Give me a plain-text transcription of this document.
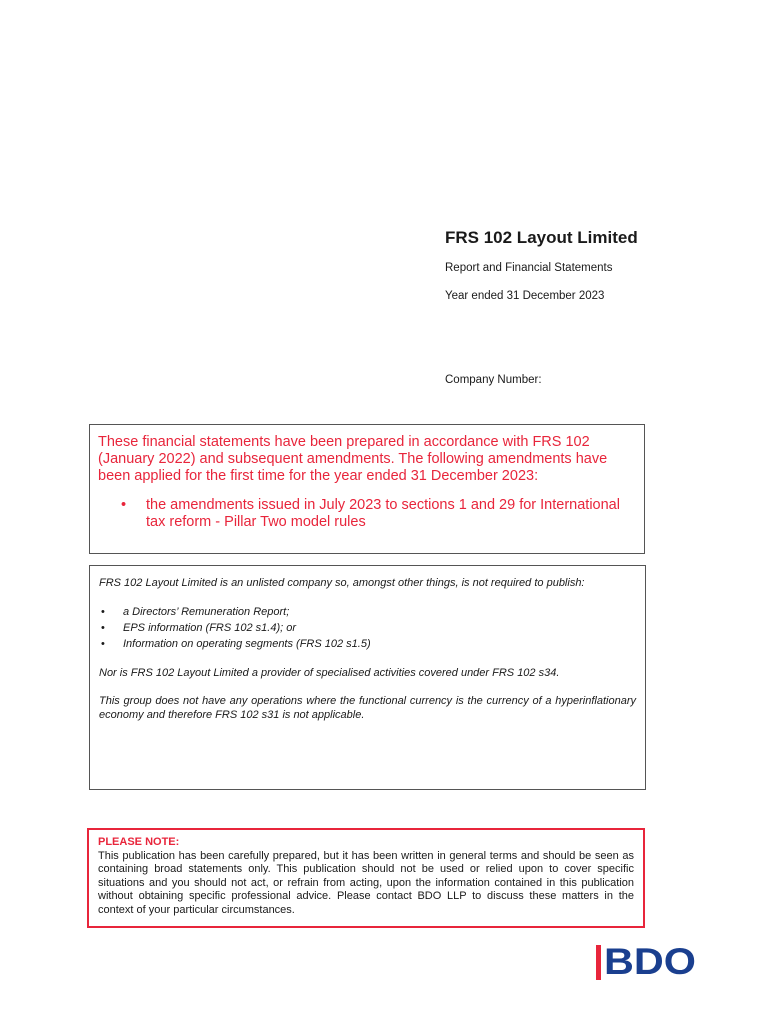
FRS 102 Layout Limited
Report and Financial Statements
Year ended 31 December 2023
Company Number:
These financial statements have been prepared in accordance with FRS 102 (January 2022) and subsequent amendments. The following amendments have been applied for the first time for the year ended 31 December 2023:
• the amendments issued in July 2023 to sections 1 and 29 for International tax reform - Pillar Two model rules

FRS 102 Layout Limited is an unlisted company so, amongst other things, is not required to publish:

• a Directors’ Remuneration Report;
• EPS information (FRS 102 s1.4); or
• Information on operating segments (FRS 102 s1.5)

Nor is FRS 102 Layout Limited a provider of specialised activities covered under FRS 102 s34.

This group does not have any operations where the functional currency is the currency of a hyperinflationary economy and therefore FRS 102 s31 is not applicable.

PLEASE NOTE:
This publication has been carefully prepared, but it has been written in general terms and should be seen as containing broad statements only. This publication should not be used or relied upon to cover specific situations and you should not act, or refrain from acting, upon the information contained in this publication without obtaining specific professional advice. Please contact BDO LLP to discuss these matters in the context of your particular circumstances.
BDO
